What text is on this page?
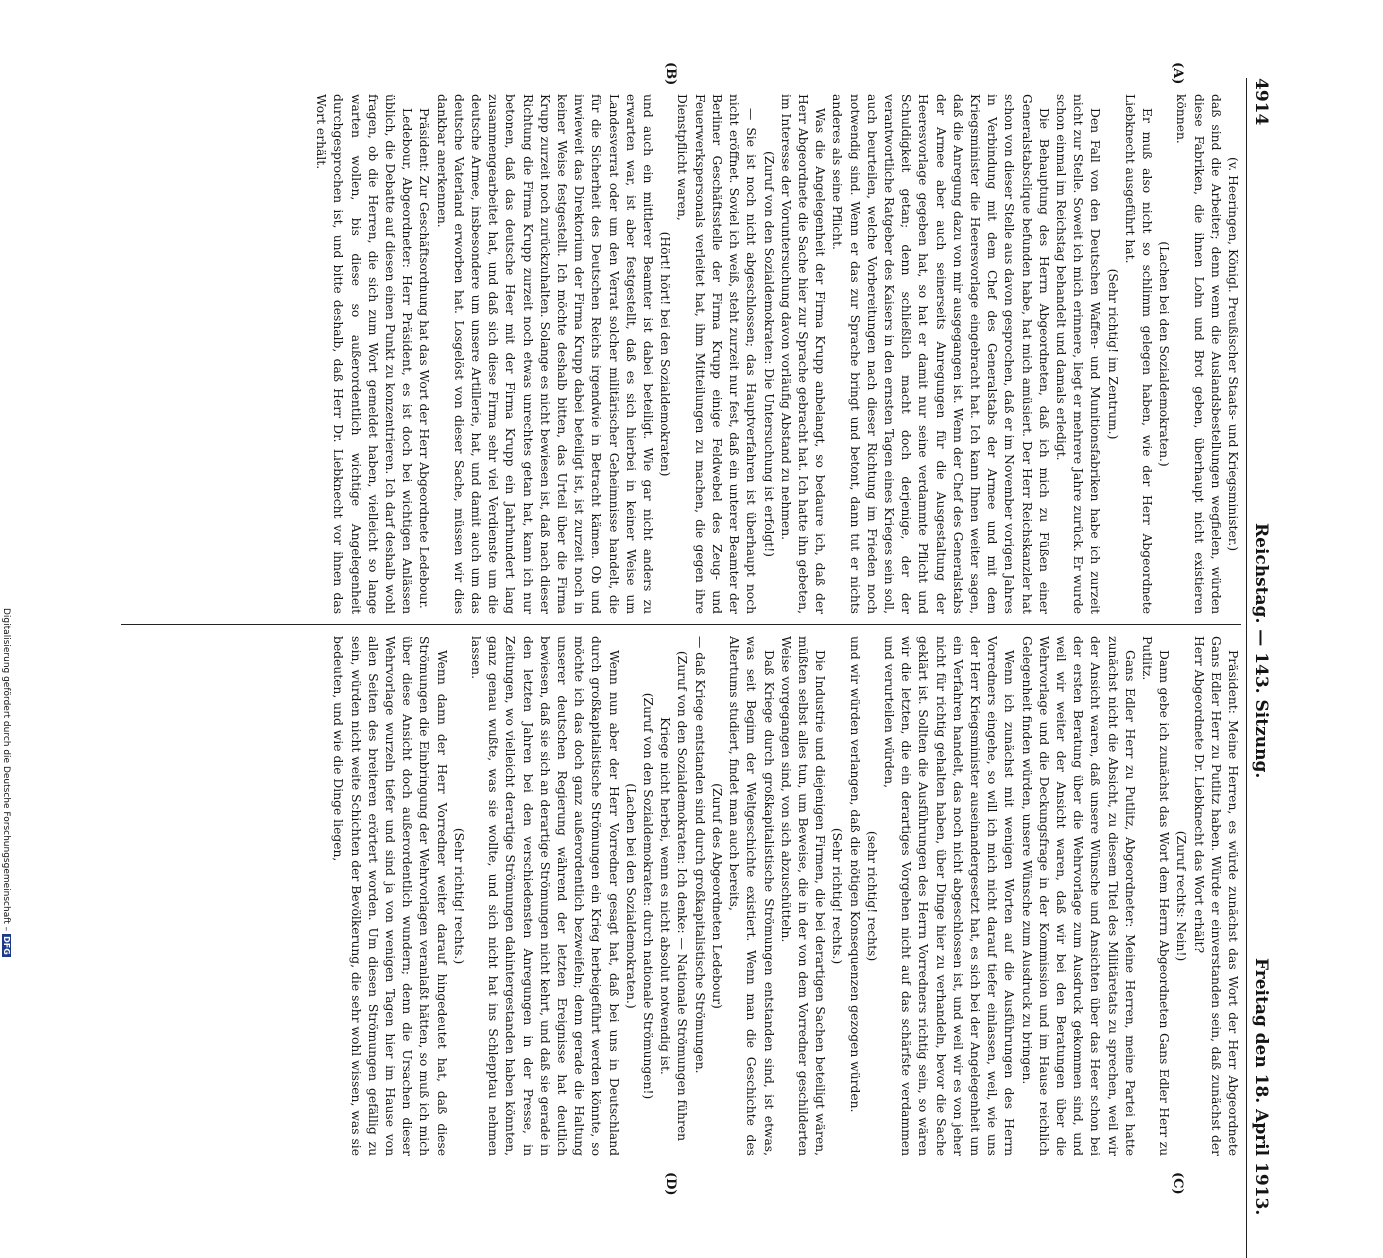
4914
Reichstag. — 143. Sitzung.
Freitag den 18. April 1913.
(A)
(B)
(C)
(D)

(v. Heeringen, Königl. Preußischer Staats- und Kriegsminister.)

daß sind die Arbeiter; denn wenn die Auslandsbestellungen wegfielen, würden diese Fabriken, die ihnen Lohn und Brot geben, überhaupt nicht existieren können.

(Lachen bei den Sozialdemokraten.)

Er muß also nicht so schlimm gelegen haben, wie der Herr Abgeordnete Liebknecht ausgeführt hat.

(Sehr richtig! im Zentrum.)

Den Fall von den Deutschen Waffen- und Munitionsfabriken habe ich zurzeit nicht zur Stelle. Soweit ich mich erinnere, liegt er mehrere Jahre zurück. Er wurde schon einmal im Reichstag behandelt und damals erledigt.

Die Behauptung des Herrn Abgeordneten, daß ich mich zu Füßen einer Generalstabsclique befunden habe, hat mich amüsiert. Der Herr Reichskanzler hat schon von dieser Stelle aus davon gesprochen, daß er im November vorigen Jahres in Verbindung mit dem Chef des Generalstabs der Armee und mit dem Kriegsminister die Heeresvorlage eingebracht hat. Ich kann Ihnen weiter sagen, daß die Anregung dazu von mir ausgegangen ist. Wenn der Chef des Generalstabs der Armee aber auch seinerseits Anregungen für die Ausgestaltung der Heeresvorlage gegeben hat, so hat er damit nur seine verdammte Pflicht und Schuldigkeit getan; denn schließlich macht doch derjenige, der der verantwortliche Ratgeber des Kaisers in den ernsten Tagen eines Krieges sein soll, auch beurteilen, welche Vorbereitungen nach dieser Richtung im Frieden noch notwendig sind. Wenn er das zur Sprache bringt und betont, dann tut er nichts anderes als seine Pflicht.

Was die Angelegenheit der Firma Krupp anbelangt, so bedaure ich, daß der Herr Abgeordnete die Sache hier zur Sprache gebracht hat. Ich hatte ihn gebeten, im Interesse der Voruntersuchung davon vorläufig Abstand zu nehmen.

(Zuruf von den Sozialdemokraten: Die Untersuchung ist erfolgt!)

— Sie ist noch nicht abgeschlossen; das Hauptverfahren ist überhaupt noch nicht eröffnet. Soviel ich weiß, steht zurzeit nur fest, daß ein unterer Beamter der Berliner Geschäftsstelle der Firma Krupp einige Feldwebel des Zeug- und Feuerwerkspersonals verleitet hat, ihm Mitteilungen zu machen, die gegen ihre Dienstpflicht waren,

(Hört! hört! bei den Sozialdemokraten)

und auch ein mittlerer Beamter ist dabei beteiligt. Wie gar nicht anders zu erwarten war, ist aber festgestellt, daß es sich hierbei in keiner Weise um Landesverrat oder um den Verrat solcher militärischer Geheimnisse handelt, die für die Sicherheit des Deutschen Reichs irgendwie in Betracht kämen. Ob und inwieweit das Direktorium der Firma Krupp dabei beteiligt ist, ist zurzeit noch in keiner Weise festgestellt. Ich möchte deshalb bitten, das Urteil über die Firma Krupp zurzeit noch zurückzuhalten. Solange es nicht bewiesen ist, daß nach dieser Richtung die Firma Krupp zurzeit noch etwas unrechtes getan hat, kann ich nur betonen, daß das deutsche Heer mit der Firma Krupp ein Jahrhundert lang zusammengearbeitet hat, und daß sich diese Firma sehr viel Verdienste um die deutsche Armee, insbesondere um unsere Artillerie, hat, und damit auch um das deutsche Vaterland erworben hat. Losgelöst von dieser Sache, müssen wir dies dankbar anerkennen.

Präsident: Zur Geschäftsordnung hat das Wort der Herr Abgeordnete Ledebour.

Ledebour, Abgeordneter: Herr Präsident, es ist doch bei wichtigen Anlässen üblich, die Debatte auf diesen einen Punkt zu konzentrieren. Ich darf deshalb wohl fragen, ob die Herren, die sich zum Wort gemeldet haben, vielleicht so lange warten wollen, bis diese so außerordentlich wichtige Angelegenheit durchgesprochen ist, und bitte deshalb, daß Herr Dr. Liebknecht vor ihnen das Wort erhält.

Präsident: Meine Herren, es würde zunächst das Wort der Herr Abgeordnete Gans Edler Herr zu Putlitz haben. Würde er einverstanden sein, daß zunächst der Herr Abgeordnete Dr. Liebknecht das Wort erhält?

(Zuruf rechts: Nein!)

Dann gebe ich zunächst das Wort dem Herrn Abgeordneten Gans Edler Herr zu Putlitz.

Gans Edler Herr zu Putlitz, Abgeordneter: Meine Herren, meine Partei hatte zunächst nicht die Absicht, zu diesem Titel des Militäretats zu sprechen, weil wir der Ansicht waren, daß unsere Wünsche und Ansichten über das Heer schon bei der ersten Beratung über die Wehrvorlage zum Ausdruck gekommen sind, und weil wir weiter der Ansicht waren, daß wir bei den Beratungen über die Wehrvorlage und die Deckungsfrage in der Kommission und im Hause reichlich Gelegenheit finden würden, unsere Wünsche zum Ausdruck zu bringen.

Wenn ich zunächst mit wenigen Worten auf die Ausführungen des Herrn Vorredners eingehe, so will ich mich nicht darauf tiefer einlassen, weil, wie uns der Herr Kriegsminister auseinandergesetzt hat, es sich bei der Angelegenheit um ein Verfahren handelt, das noch nicht abgeschlossen ist, und weil wir es von jeher nicht für richtig gehalten haben, über Dinge hier zu verhandeln, bevor die Sache geklärt ist. Sollten die Ausführungen des Herrn Vorredners richtig sein, so wären wir die letzten, die ein derartiges Vorgehen nicht auf das schärfste verdammen und verurteilen würden,

(sehr richtig! rechts)

und wir würden verlangen, daß die nötigen Konsequenzen gezogen würden.

(Sehr richtig! rechts.)

Die Industrie und diejenigen Firmen, die bei derartigen Sachen beteiligt wären, müßten selbst alles tun, um Beweise, die in der von dem Vorredner geschilderten Weise vorgegangen sind, von sich abzuschütteln.

Daß Kriege durch großkapitalistische Strömungen entstanden sind, ist etwas, was seit Beginn der Weltgeschichte existiert. Wenn man die Geschichte des Altertums studiert, findet man auch bereits,

(Zuruf des Abgeordneten Ledebour)

— daß Kriege entstanden sind durch großkapitalistische Strömungen.

(Zuruf von den Sozialdemokraten: Ich denke: — Nationale Strömungen führen Kriege nicht herbei, wenn es nicht absolut notwendig ist.

(Zuruf von den Sozialdemokraten: durch nationale Strömungen!)

(Lachen bei den Sozialdemokraten.)

Wenn nun aber der Herr Vorredner gesagt hat, daß bei uns in Deutschland durch großkapitalistische Strömungen ein Krieg herbeigeführt werden könnte, so möchte ich das doch ganz außerordentlich bezweifeln; denn gerade die Haltung unserer deutschen Regierung während der letzten Ereignisse hat deutlich bewiesen, daß sie sich an derartige Strömungen nicht kehrt, und daß sie gerade in den letzten Jahren bei den verschiedensten Anregungen in der Presse, in Zeitungen, wo vielleicht derartige Strömungen dahintergestanden haben könnten, ganz genau wußte, was sie wollte, und sich nicht hat ins Schlepptau nehmen lassen.

(Sehr richtig! rechts.)

Wenn dann der Herr Vorredner weiter darauf hingedeutet hat, daß diese Strömungen die Einbringung der Wehrvorlagen veranlaßt hätten, so muß ich mich über diese Ansicht doch außerordentlich wundern; denn die Ursachen dieser Wehrvorlage wurzeln tiefer und sind ja von wenigen Tagen hier im Hause von allen Seiten des breiteren erörtert worden. Um diesen Strömungen gefällig zu sein, würden nicht weite Schichten der Bevölkerung, die sehr wohl wissen, was sie bedeuten, und wie die Dinge liegen,

Digitalisierung gefördert durch die Deutsche Forschungsgemeinschaft –DFG
